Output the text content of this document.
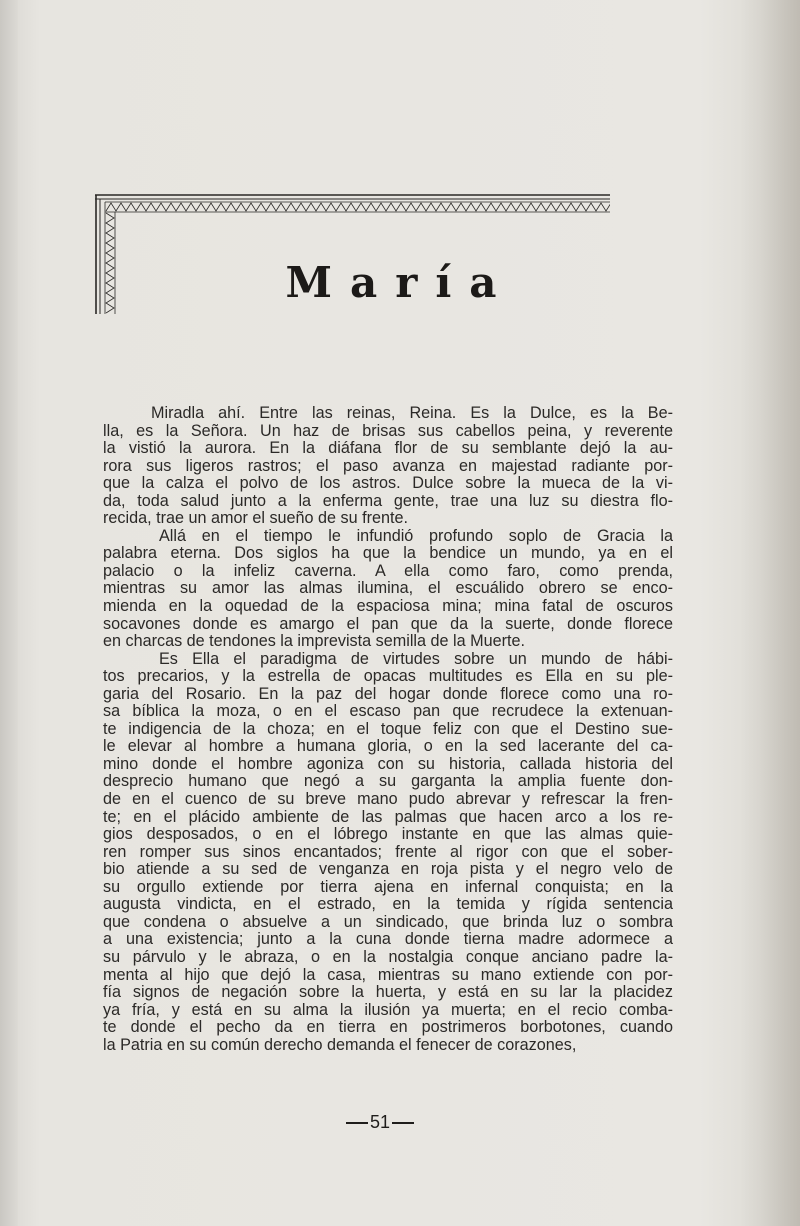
María
Miradla ahí. Entre las reinas, Reina. Es la Dulce, es la Be-
lla, es la Señora. Un haz de brisas sus cabellos peina, y reverente
la vistió la aurora. En la diáfana flor de su semblante dejó la au-
rora sus ligeros rastros; el paso avanza en majestad radiante por-
que la calza el polvo de los astros. Dulce sobre la mueca de la vi-
da, toda salud junto a la enferma gente, trae una luz su diestra flo-
recida, trae un amor el sueño de su frente.
Allá en el tiempo le infundió profundo soplo de Gracia la
palabra eterna. Dos siglos ha que la bendice un mundo, ya en el
palacio o la infeliz caverna. A ella como faro, como prenda,
mientras su amor las almas ilumina, el escuálido obrero se enco-
mienda en la oquedad de la espaciosa mina; mina fatal de oscuros
socavones donde es amargo el pan que da la suerte, donde florece
en charcas de tendones la imprevista semilla de la Muerte.
Es Ella el paradigma de virtudes sobre un mundo de hábi-
tos precarios, y la estrella de opacas multitudes es Ella en su ple-
garia del Rosario. En la paz del hogar donde florece como una ro-
sa bíblica la moza, o en el escaso pan que recrudece la extenuan-
te indigencia de la choza; en el toque feliz con que el Destino sue-
le elevar al hombre a humana gloria, o en la sed lacerante del ca-
mino donde el hombre agoniza con su historia, callada historia del
desprecio humano que negó a su garganta la amplia fuente don-
de en el cuenco de su breve mano pudo abrevar y refrescar la fren-
te; en el plácido ambiente de las palmas que hacen arco a los re-
gios desposados, o en el lóbrego instante en que las almas quie-
ren romper sus sinos encantados; frente al rigor con que el sober-
bio atiende a su sed de venganza en roja pista y el negro velo de
su orgullo extiende por tierra ajena en infernal conquista; en la
augusta vindicta, en el estrado, en la temida y rígida sentencia
que condena o absuelve a un sindicado, que brinda luz o sombra
a una existencia; junto a la cuna donde tierna madre adormece a
su párvulo y le abraza, o en la nostalgia conque anciano padre la-
menta al hijo que dejó la casa, mientras su mano extiende con por-
fía signos de negación sobre la huerta, y está en su lar la placidez
ya fría, y está en su alma la ilusión ya muerta; en el recio comba-
te donde el pecho da en tierra en postrimeros borbotones, cuando
la Patria en su común derecho demanda el fenecer de corazones,
51
